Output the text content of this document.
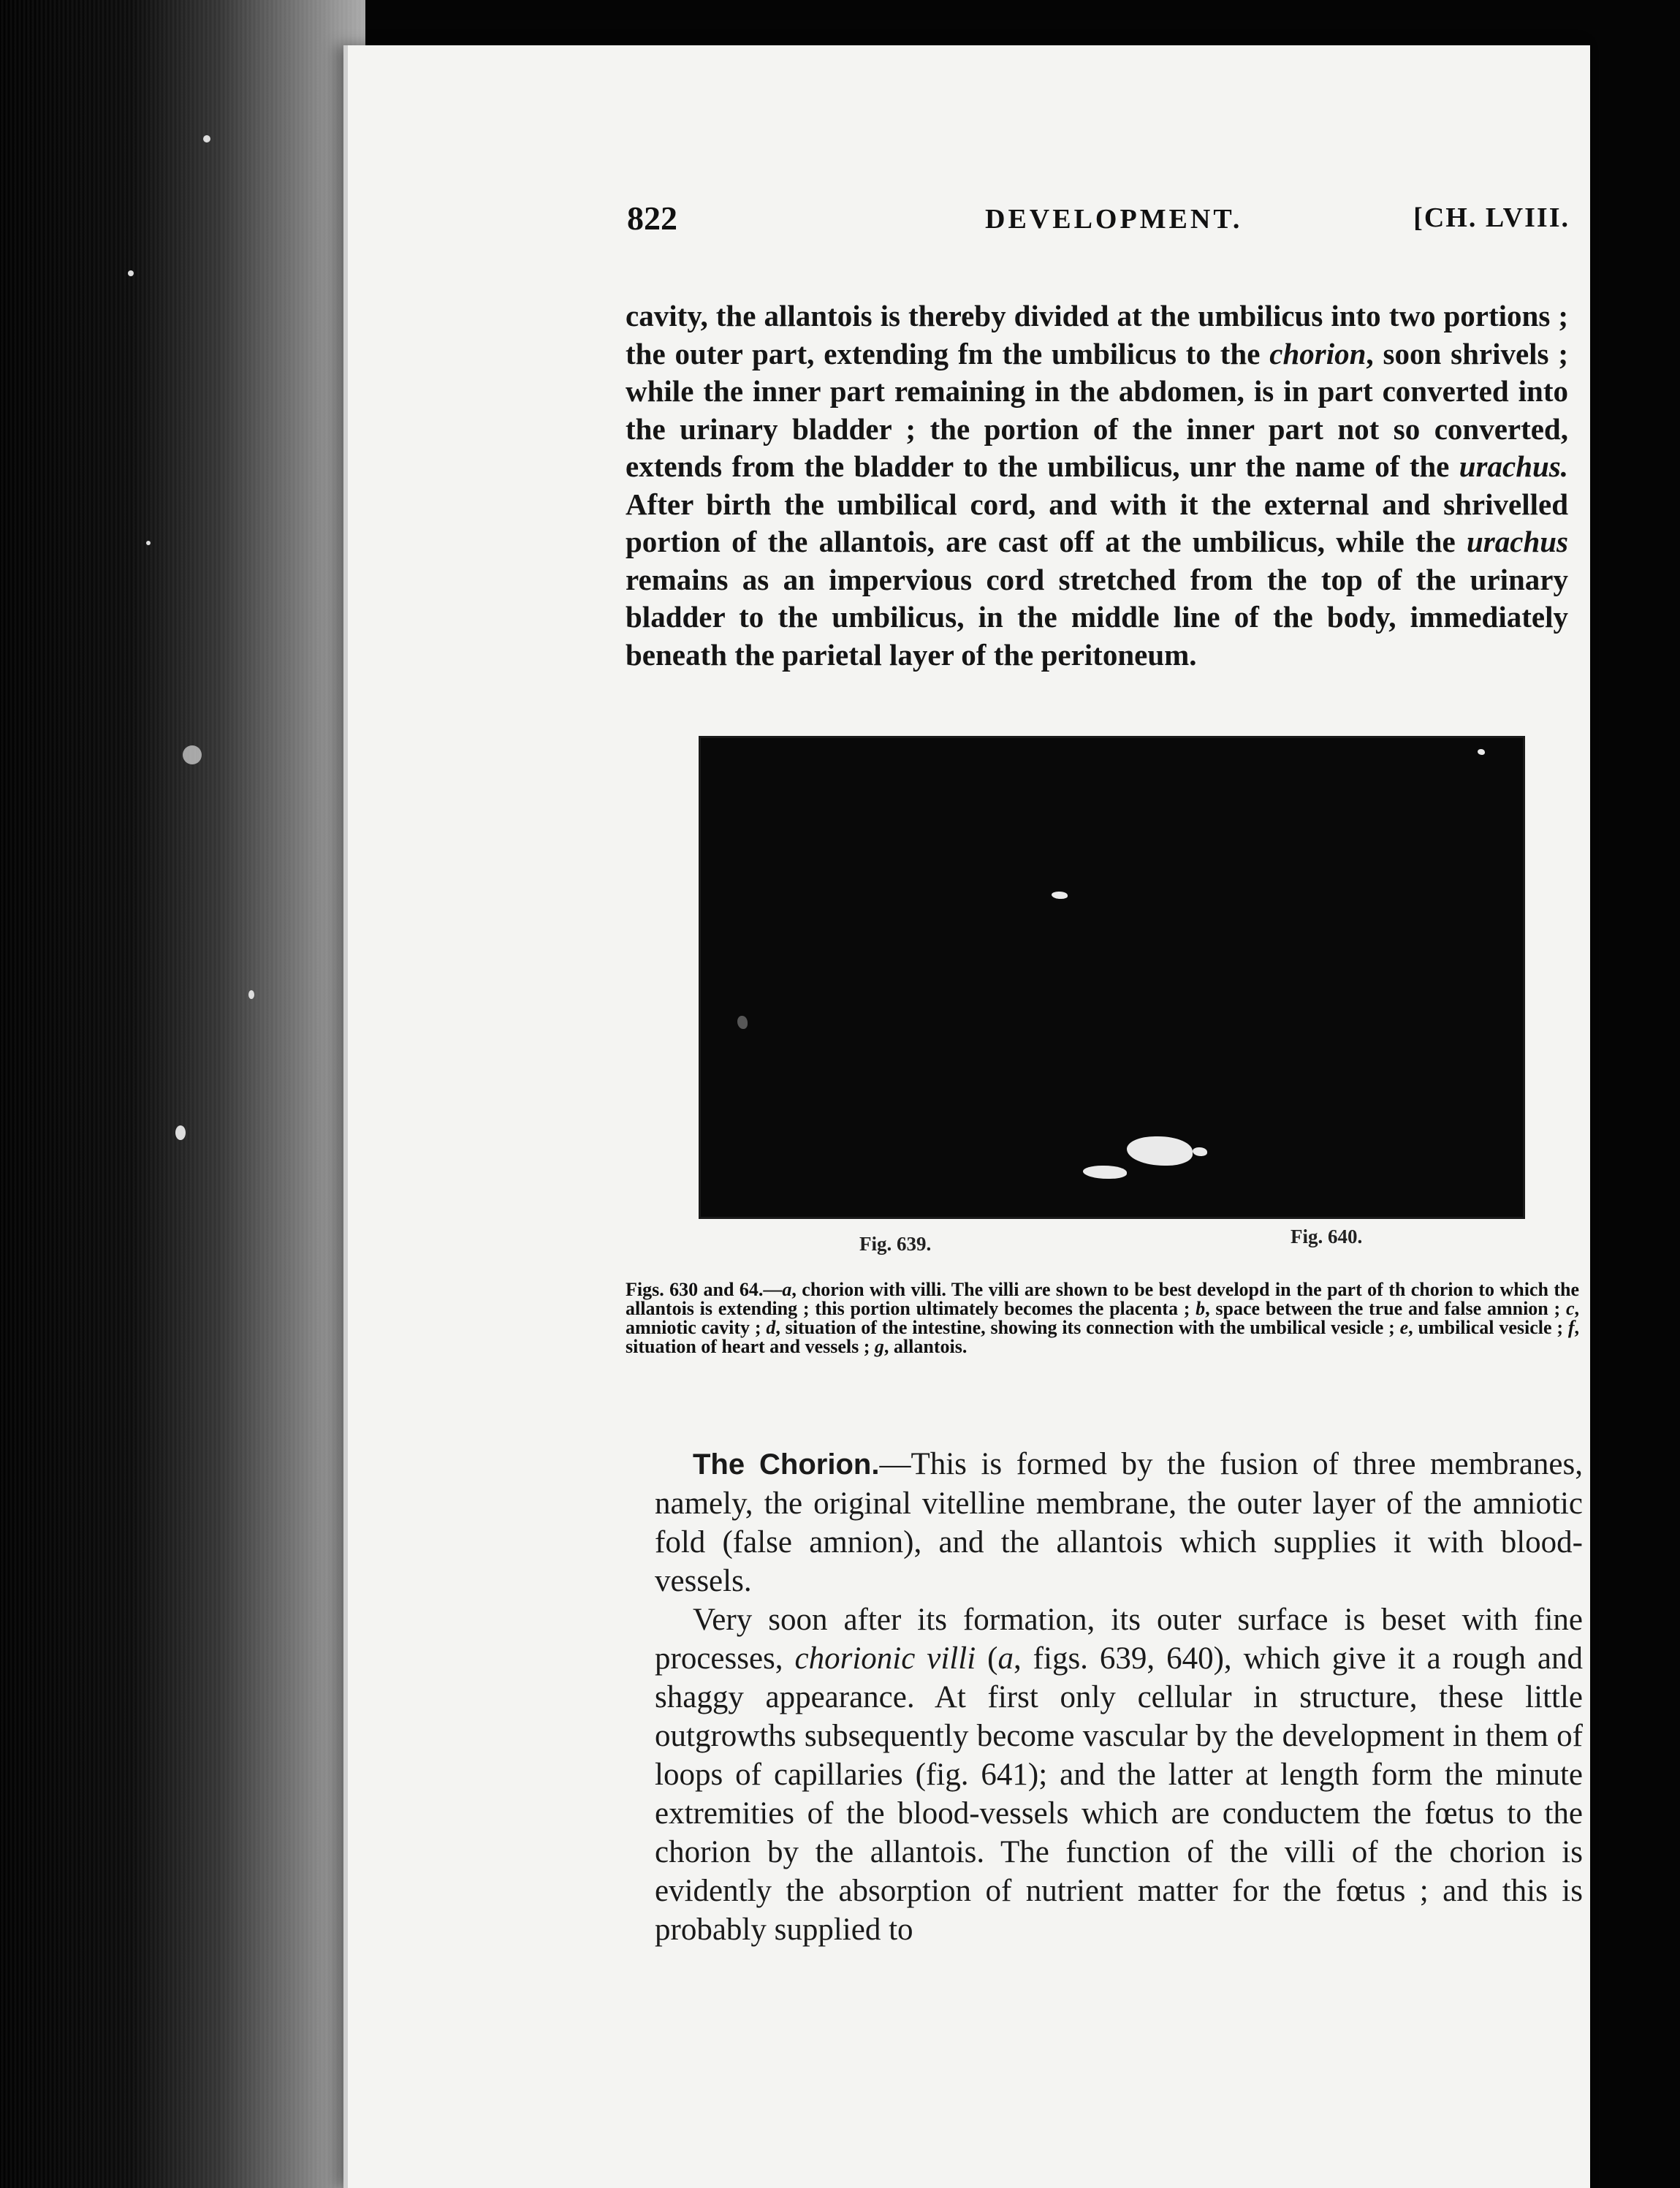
822	DEVELOPMENT.	[CH. LVIII.

cavity, the allantois is thereby divided at the umbilicus into two portions ; the outer part, extending fm the umbilicus to the chorion, soon shrivels ; while the inner part remaining in the abdomen, is in part converted into the urinary bladder ; the portion of the inner part not so converted, extends from the bladder to the umbilicus, unr the name of the urachus. After birth the umbilical cord, and with it the external and shrivelled portion of the allantois, are cast off at the umbilicus, while the urachus remains as an impervious cord stretched from the top of the urinary bladder to the umbilicus, in the middle line of the body, immediately beneath the parietal layer of the peritoneum.

Fig. 639.	Fig. 640.

Figs. 630 and 64.—a, chorion with villi. The villi are shown to be best developd in the part of th chorion to which the allantois is extending ; this portion ultimately becomes the placenta ; b, space between the true and false amnion ; c, amniotic cavity ; d, situation of the intestine, showing its connection with the umbilical vesicle ; e, umbilical vesicle ; f, situation of heart and vessels ; g, allantois.

The Chorion.—This is formed by the fusion of three membranes, namely, the original vitelline membrane, the outer layer of the amniotic fold (false amnion), and the allantois which supplies it with blood-vessels.

Very soon after its formation, its outer surface is beset with fine processes, chorionic villi (a, figs. 639, 640), which give it a rough and shaggy appearance. At first only cellular in structure, these little outgrowths subsequently become vascular by the development in them of loops of capillaries (fig. 641); and the latter at length form the minute extremities of the blood-vessels which are conductem the fœtus to the chorion by the allantois. The function of the villi of the chorion is evidently the absorption of nutrient matter for the fœtus ; and this is probably supplied to
